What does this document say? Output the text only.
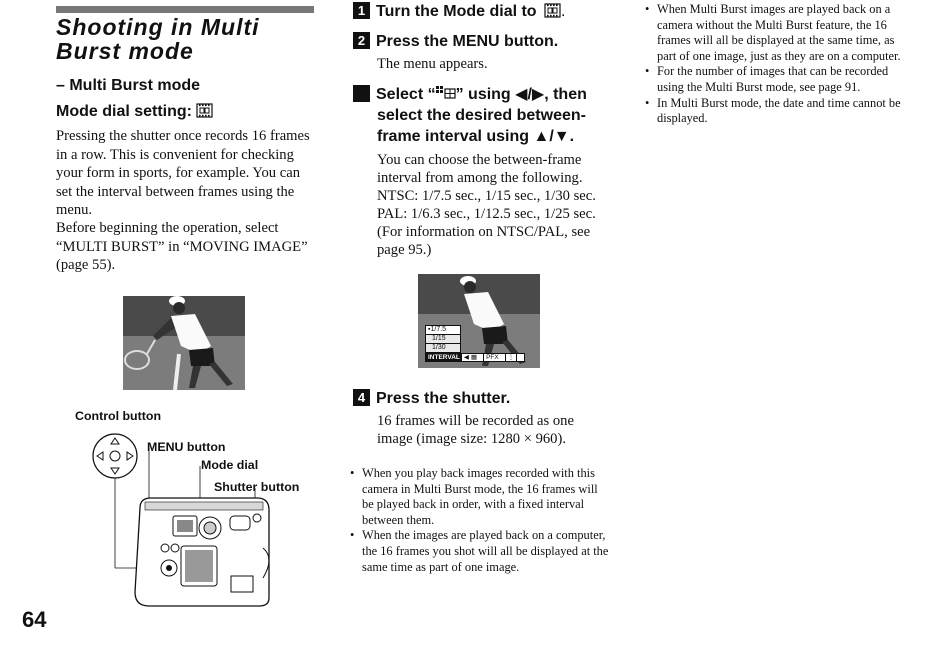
Shooting in Multi Burst mode
– Multi Burst mode
Mode dial setting:
Pressing the shutter once records 16 frames in a row. This is convenient for checking your form in sports, for example. You can set the interval between frames using the menu.
Before beginning the operation, select “MULTI BURST” in “MOVING IMAGE” (page 55).
Control button
MENU button
Mode dial
Shutter button
64
1 Turn the Mode dial to .
2 Press the MENU button.
The menu appears.
3 Select “ ” using ◀/▶, then select the desired between-frame interval using ▲/▼.
You can choose the between-frame interval from among the following.
NTSC: 1/7.5 sec., 1/15 sec., 1/30 sec.
PAL: 1/6.3 sec., 1/12.5 sec., 1/25 sec.
(For information on NTSC/PAL, see page 95.)
▪1/7.5
1/15
1/30
INTERVAL ◀ ▦	PFX	⋮
4 Press the shutter.
16 frames will be recorded as one image (image size: 1280 × 960).
• When you play back images recorded with this camera in Multi Burst mode, the 16 frames will be played back in order, with a fixed interval between them.
• When the images are played back on a computer, the 16 frames you shot will all be displayed at the same time as part of one image.
• When Multi Burst images are played back on a camera without the Multi Burst feature, the 16 frames will all be displayed at the same time, as part of one image, just as they are on a computer.
• For the number of images that can be recorded using the Multi Burst mode, see page 91.
• In Multi Burst mode, the date and time cannot be displayed.
